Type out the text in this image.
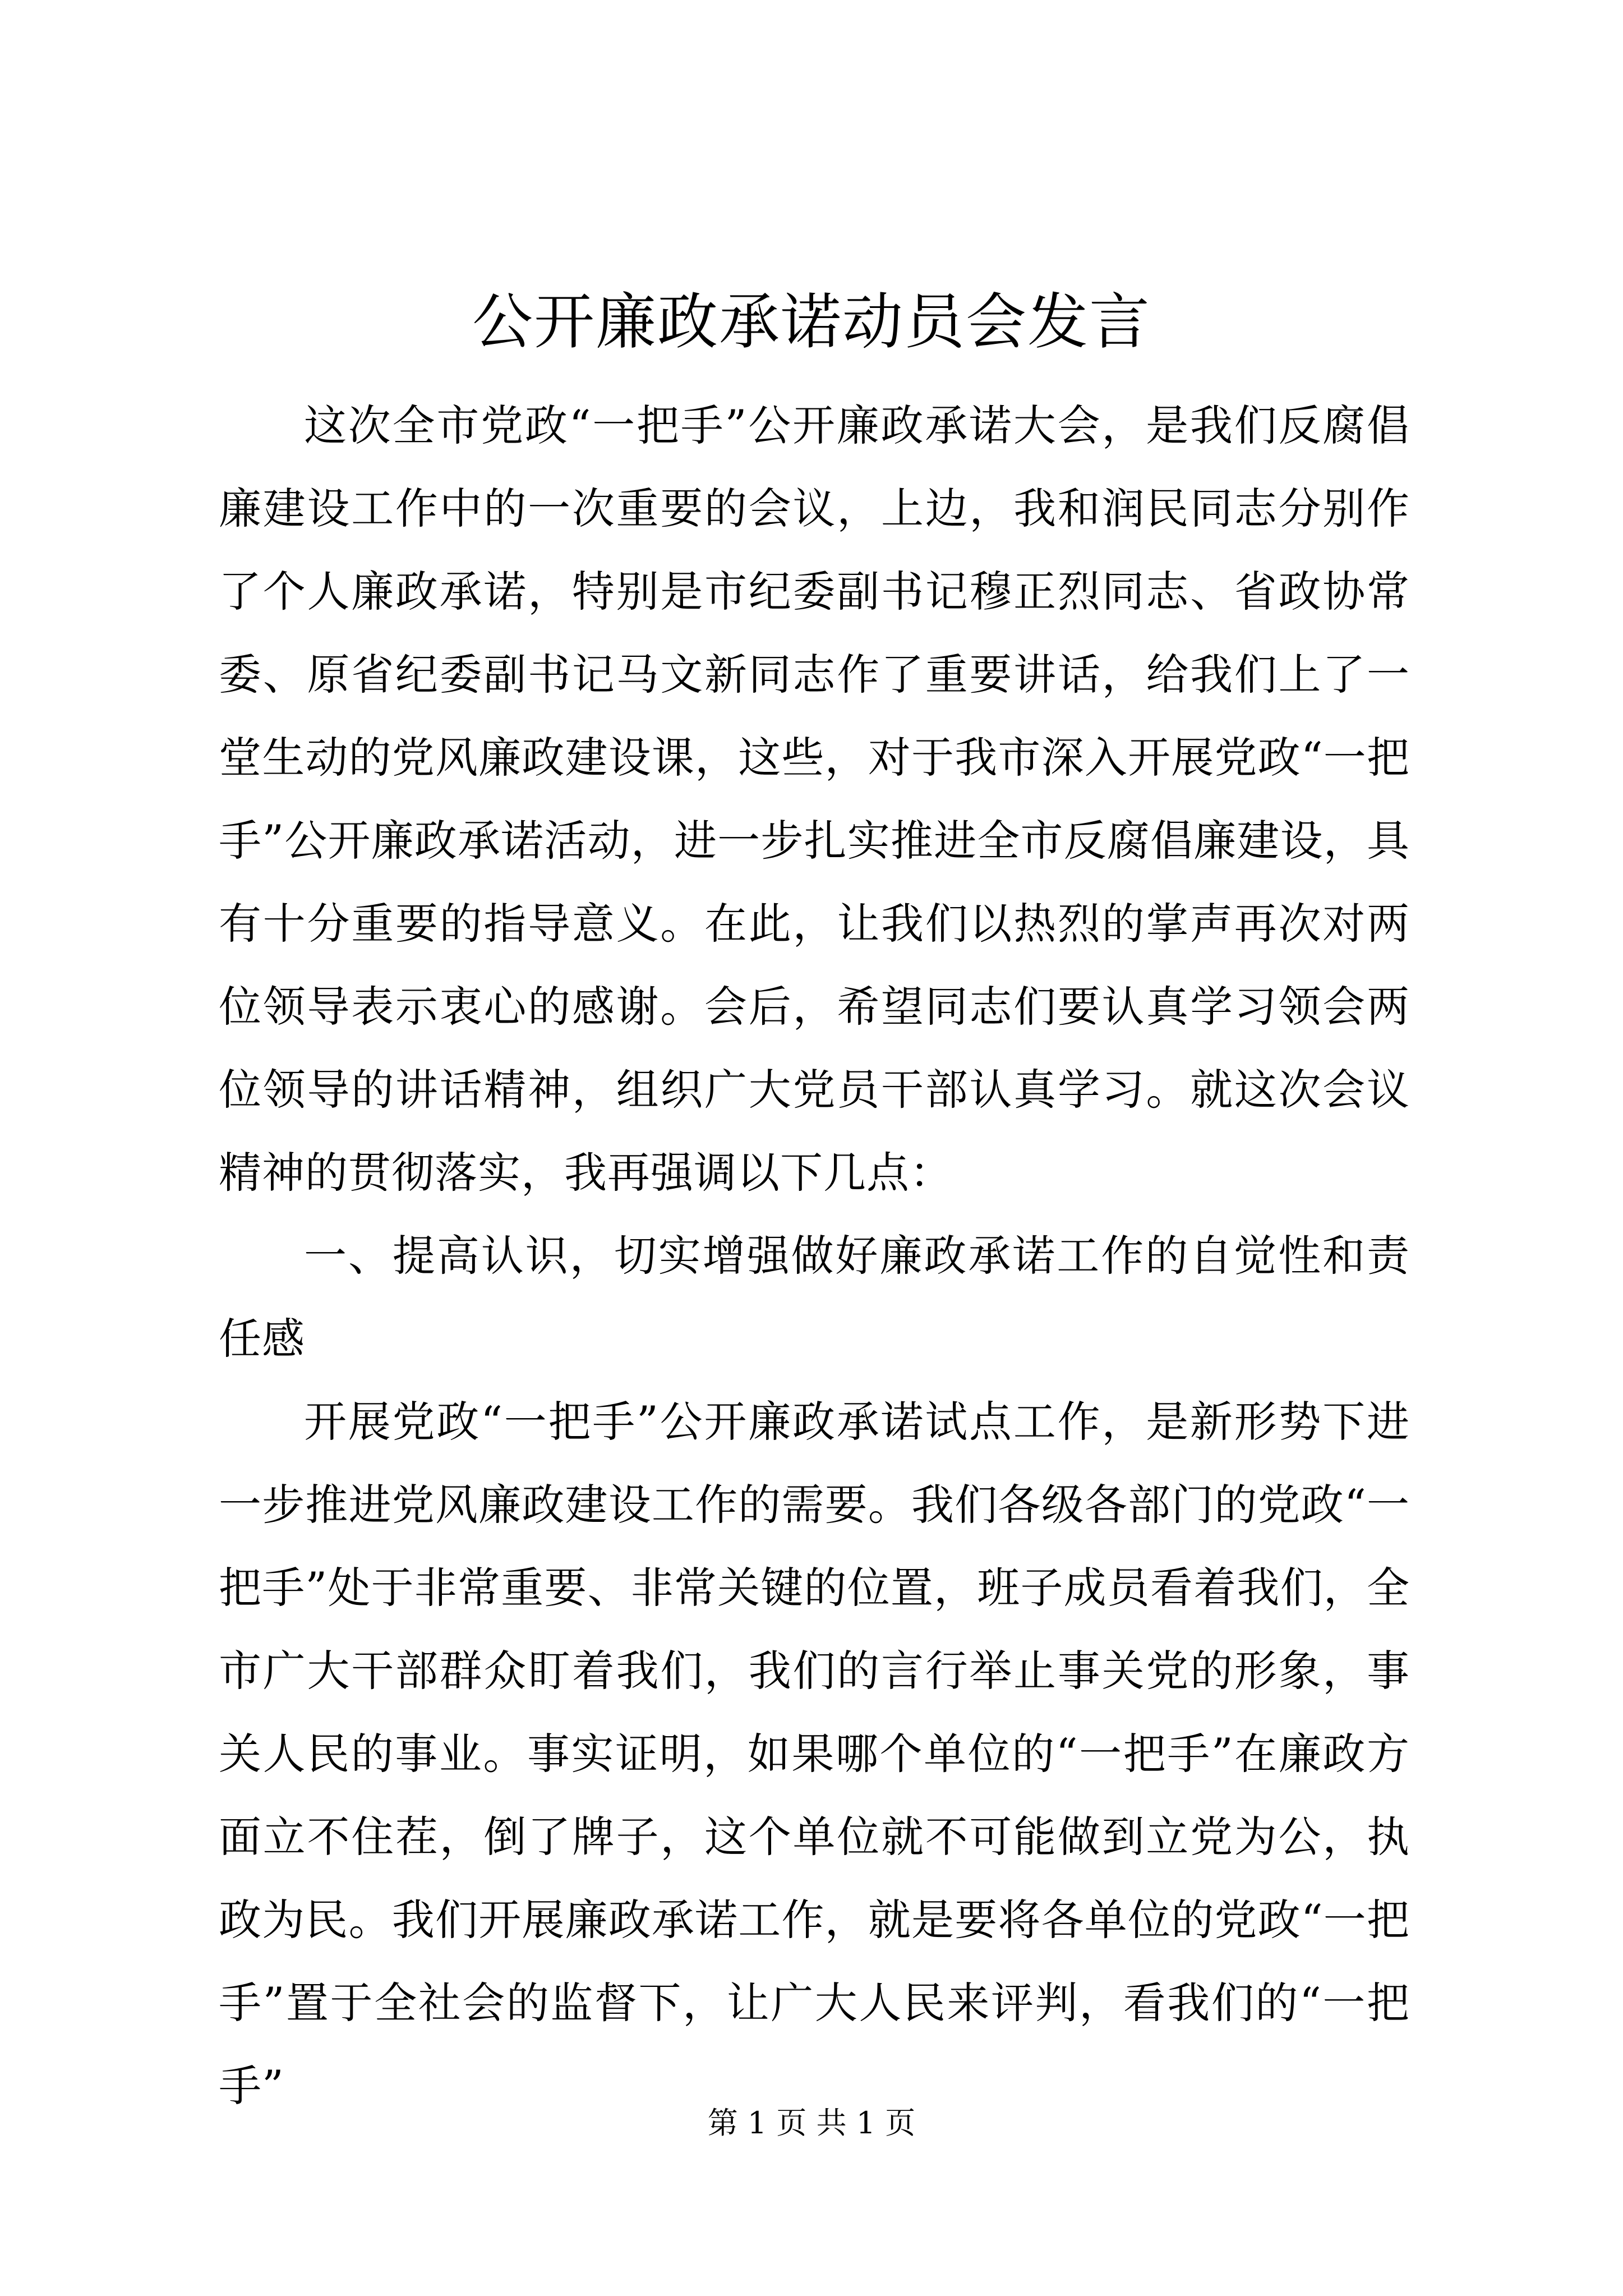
公开廉政承诺动员会发言

这次全市党政“一把手”公开廉政承诺大会，是我们反腐倡廉建设工作中的一次重要的会议，上边，我和润民同志分别作了个人廉政承诺，特别是市纪委副书记穆正烈同志、省政协常委、原省纪委副书记马文新同志作了重要讲话，给我们上了一堂生动的党风廉政建设课，这些，对于我市深入开展党政“一把手”公开廉政承诺活动，进一步扎实推进全市反腐倡廉建设，具有十分重要的指导意义。在此，让我们以热烈的掌声再次对两位领导表示衷心的感谢。会后，希望同志们要认真学习领会两位领导的讲话精神，组织广大党员干部认真学习。就这次会议精神的贯彻落实，我再强调以下几点：

一、提高认识，切实增强做好廉政承诺工作的自觉性和责任感

开展党政“一把手”公开廉政承诺试点工作，是新形势下进一步推进党风廉政建设工作的需要。我们各级各部门的党政“一把手”处于非常重要、非常关键的位置，班子成员看着我们，全市广大干部群众盯着我们，我们的言行举止事关党的形象，事关人民的事业。事实证明，如果哪个单位的“一把手”在廉政方面立不住茬，倒了牌子，这个单位就不可能做到立党为公，执政为民。我们开展廉政承诺工作，就是要将各单位的党政“一把手”置于全社会的监督下，让广大人民来评判，看我们的“一把手”

第 1 页 共 1 页
